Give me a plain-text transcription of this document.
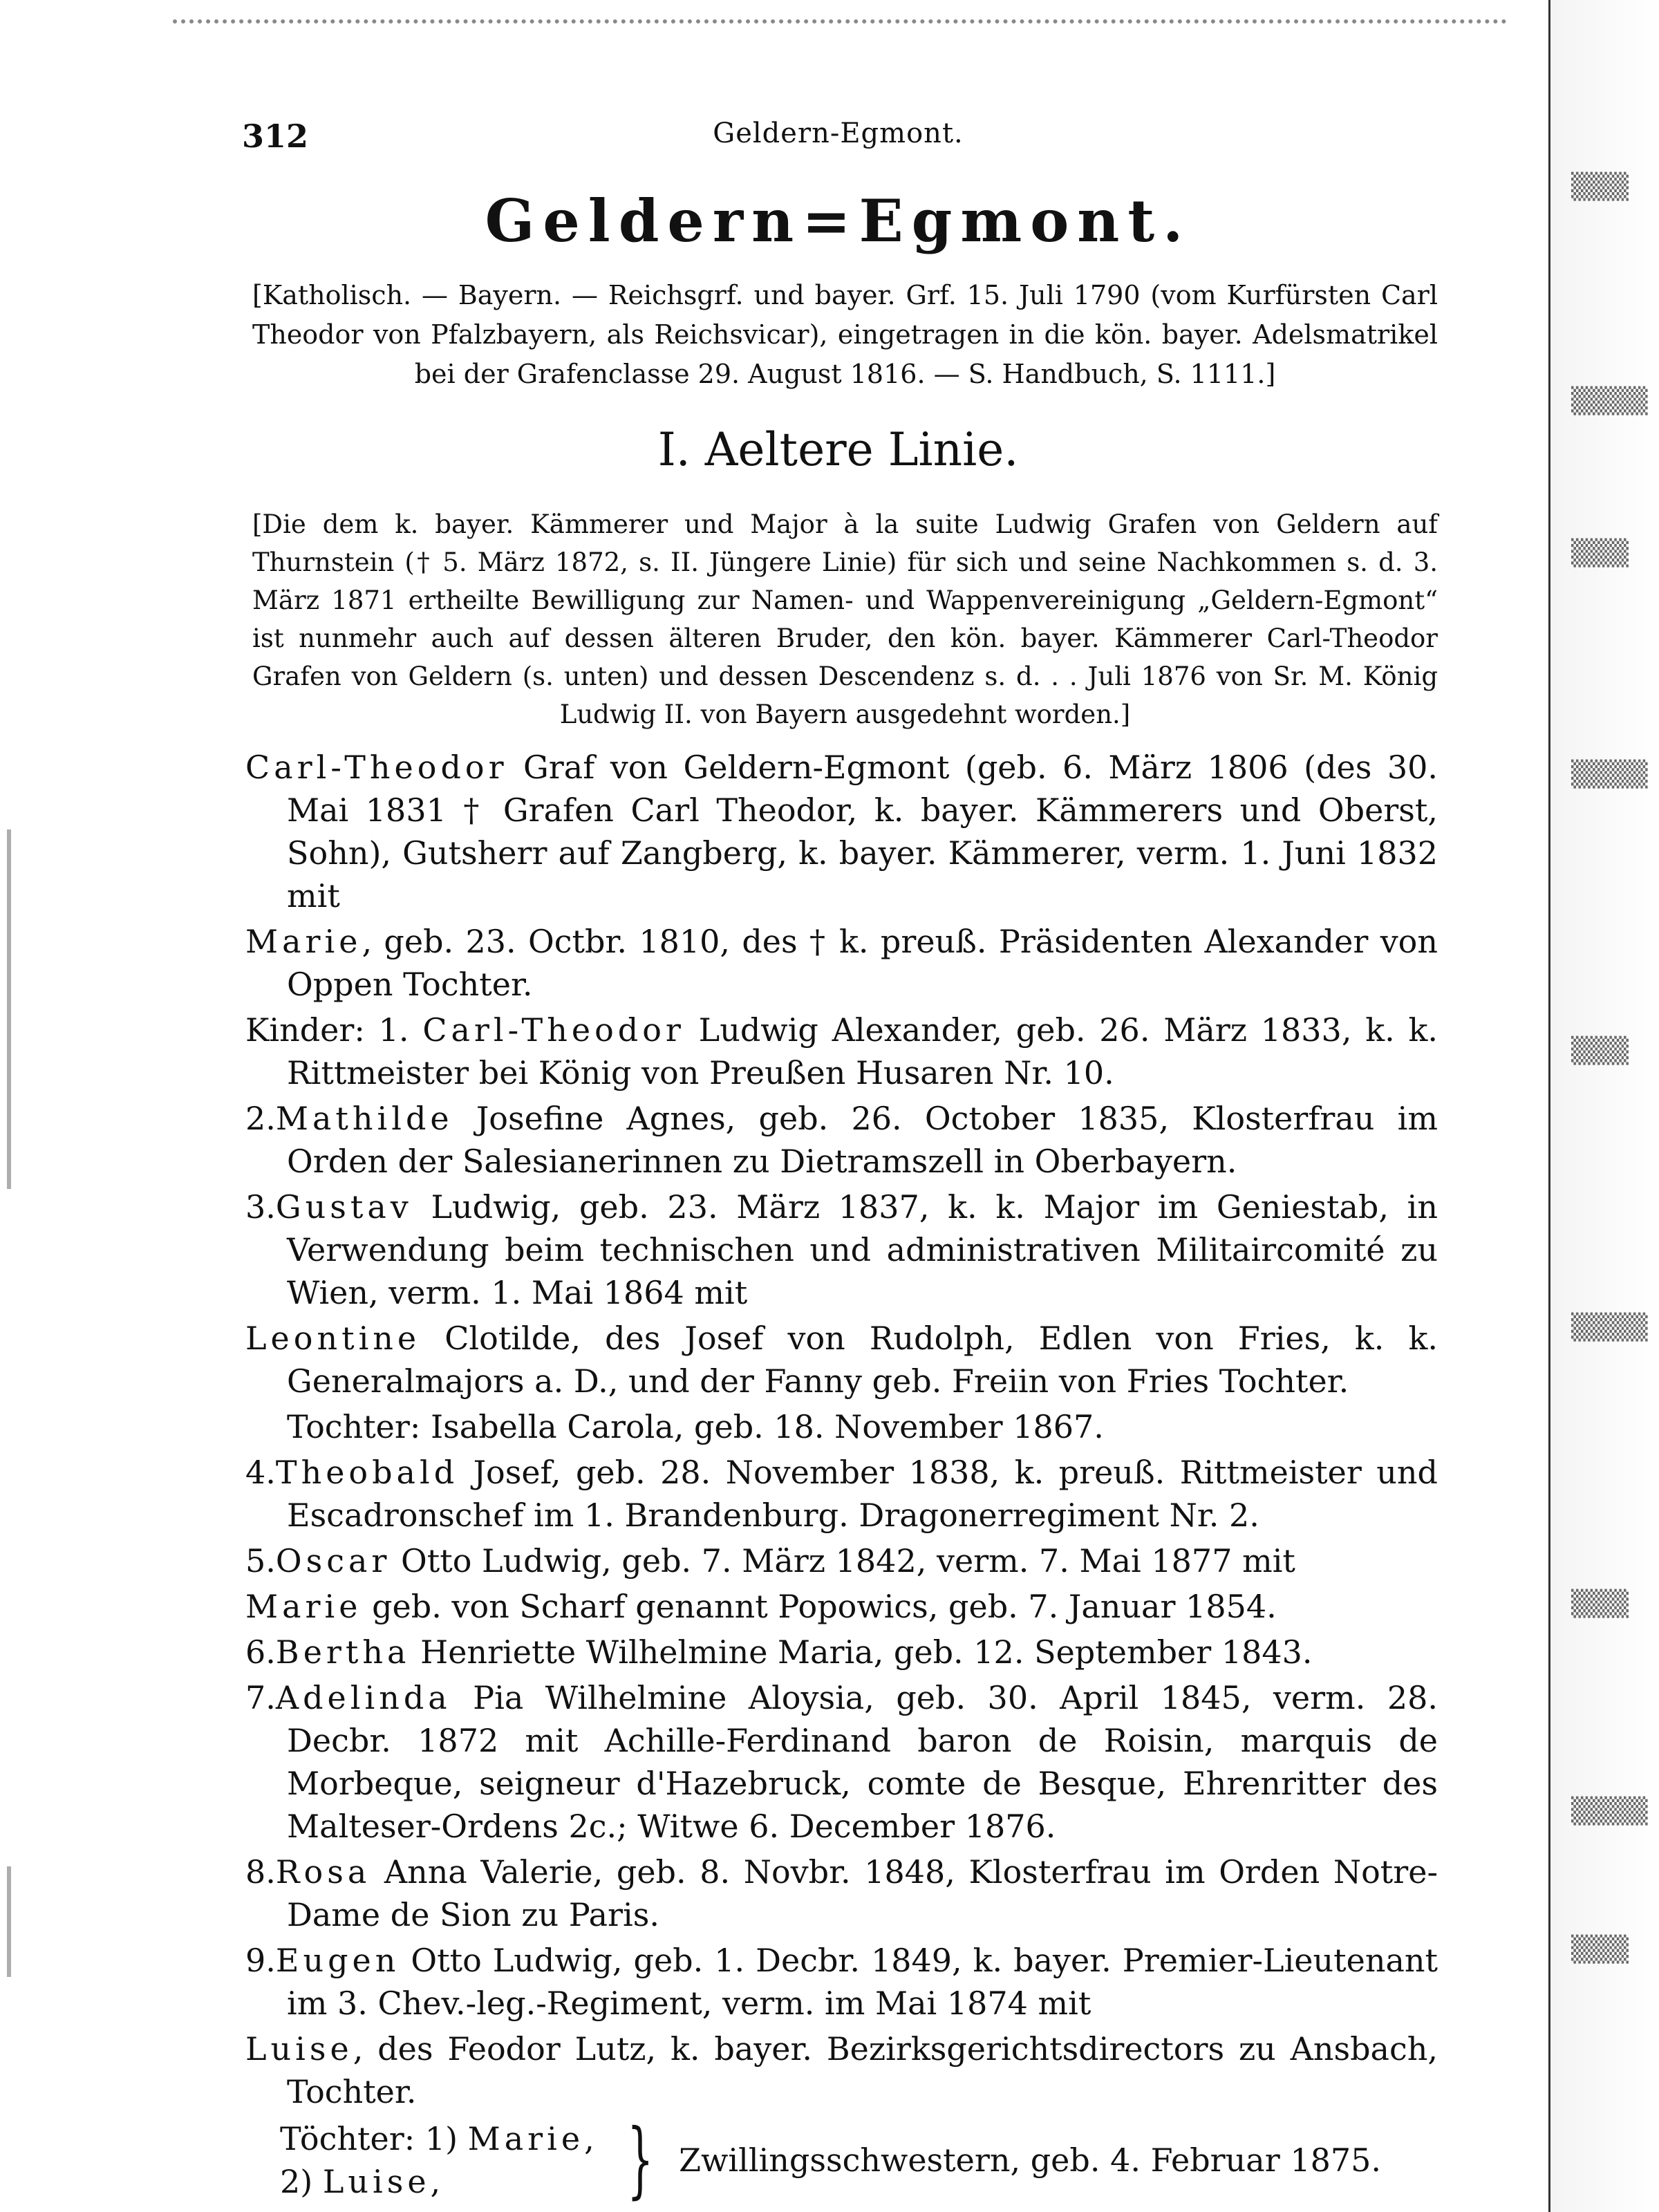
▒▒▒
▒▒▒▒
▒▒▒
▒▒▒▒
▒▒▒
▒▒▒▒
▒▒▒
▒▒▒▒
▒▒▒
312	Geldern-Egmont.
Geldern=Egmont.
[Katholisch. — Bayern. — Reichsgrf. und bayer. Grf. 15. Juli 1790 (vom Kurfürsten Carl Theodor von Pfalzbayern, als Reichsvicar), eingetragen in die kön. bayer. Adelsmatrikel bei der Grafenclasse 29. August 1816. — S. Handbuch, S. 1111.]
I. Aeltere Linie.
[Die dem k. bayer. Kämmerer und Major à la suite Ludwig Grafen von Geldern auf Thurnstein († 5. März 1872, s. II. Jüngere Linie) für sich und seine Nachkommen s. d. 3. März 1871 ertheilte Bewilligung zur Namen- und Wappenvereinigung „Geldern-Egmont“ ist nunmehr auch auf dessen älteren Bruder, den kön. bayer. Kämmerer Carl-Theodor Grafen von Geldern (s. unten) und dessen Descendenz s. d. . . Juli 1876 von Sr. M. König Ludwig II. von Bayern ausgedehnt worden.]
Carl-Theodor Graf von Geldern-Egmont (geb. 6. März 1806 (des 30. Mai 1831 † Grafen Carl Theodor, k. bayer. Kämmerers und Oberst, Sohn), Gutsherr auf Zangberg, k. bayer. Kämmerer, verm. 1. Juni 1832 mit
Marie, geb. 23. Octbr. 1810, des † k. preuß. Präsidenten Alexander von Oppen Tochter.
Kinder: 1. Carl-Theodor Ludwig Alexander, geb. 26. März 1833, k. k. Rittmeister bei König von Preußen Husaren Nr. 10.
2.Mathilde Josefine Agnes, geb. 26. October 1835, Klosterfrau im Orden der Salesianerinnen zu Dietramszell in Oberbayern.
3.Gustav Ludwig, geb. 23. März 1837, k. k. Major im Geniestab, in Verwendung beim technischen und administrativen Militaircomité zu Wien, verm. 1. Mai 1864 mit
Leontine Clotilde, des Josef von Rudolph, Edlen von Fries, k. k. Generalmajors a. D., und der Fanny geb. Freiin von Fries Tochter.
Tochter: Isabella Carola, geb. 18. November 1867.
4.Theobald Josef, geb. 28. November 1838, k. preuß. Rittmeister und Escadronschef im 1. Brandenburg. Dragonerregiment Nr. 2.
5.Oscar Otto Ludwig, geb. 7. März 1842, verm. 7. Mai 1877 mit
Marie geb. von Scharf genannt Popowics, geb. 7. Januar 1854.
6.Bertha Henriette Wilhelmine Maria, geb. 12. September 1843.
7.Adelinda Pia Wilhelmine Aloysia, geb. 30. April 1845, verm. 28. Decbr. 1872 mit Achille-Ferdinand baron de Roisin, marquis de Morbeque, seigneur d'Hazebruck, comte de Besque, Ehrenritter des Malteser-Ordens 2c.; Witwe 6. December 1876.
8.Rosa Anna Valerie, geb. 8. Novbr. 1848, Klosterfrau im Orden Notre-Dame de Sion zu Paris.
9.Eugen Otto Ludwig, geb. 1. Decbr. 1849, k. bayer. Premier-Lieutenant im 3. Chev.-leg.-Regiment, verm. im Mai 1874 mit
Luise, des Feodor Lutz, k. bayer. Bezirksgerichtsdirectors zu Ansbach, Tochter.
Töchter: 1) Marie,
2) Luise,	} Zwillingsschwestern, geb. 4. Februar 1875.
